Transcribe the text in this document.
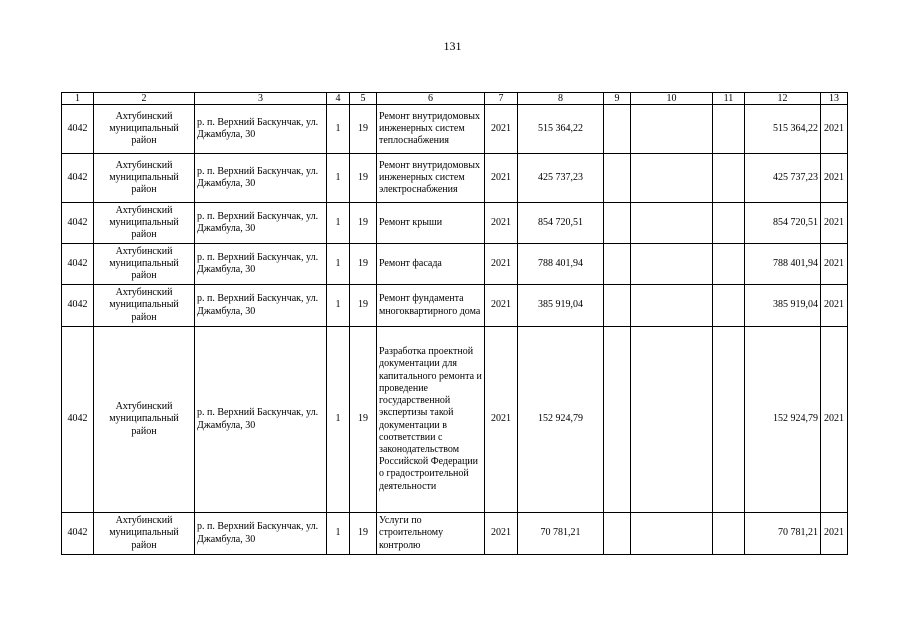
131
1	2	3	4	5	6	7	8	9	10	11	12	13
4042	Ахтубинский муниципальный район	р. п. Верхний Баскунчак, ул. Джамбула, 30	1	19	Ремонт внутридомовых инженерных систем теплоснабжения	2021	515 364,22				515 364,22	2021
4042	Ахтубинский муниципальный район	р. п. Верхний Баскунчак, ул. Джамбула, 30	1	19	Ремонт внутридомовых инженерных систем электроснабжения	2021	425 737,23				425 737,23	2021
4042	Ахтубинский муниципальный район	р. п. Верхний Баскунчак, ул. Джамбула, 30	1	19	Ремонт крыши	2021	854 720,51				854 720,51	2021
4042	Ахтубинский муниципальный район	р. п. Верхний Баскунчак, ул. Джамбула, 30	1	19	Ремонт фасада	2021	788 401,94				788 401,94	2021
4042	Ахтубинский муниципальный район	р. п. Верхний Баскунчак, ул. Джамбула, 30	1	19	Ремонт фундамента многоквартирного дома	2021	385 919,04				385 919,04	2021
4042	Ахтубинский муниципальный район	р. п. Верхний Баскунчак, ул. Джамбула, 30	1	19	Разработка проектной документации для капитального ремонта и проведение государственной экспертизы такой документации в соответствии с законодательством Российской Федерации о градостроительной деятельности	2021	152 924,79				152 924,79	2021
4042	Ахтубинский муниципальный район	р. п. Верхний Баскунчак, ул. Джамбула, 30	1	19	Услуги по строительному контролю	2021	70 781,21				70 781,21	2021
